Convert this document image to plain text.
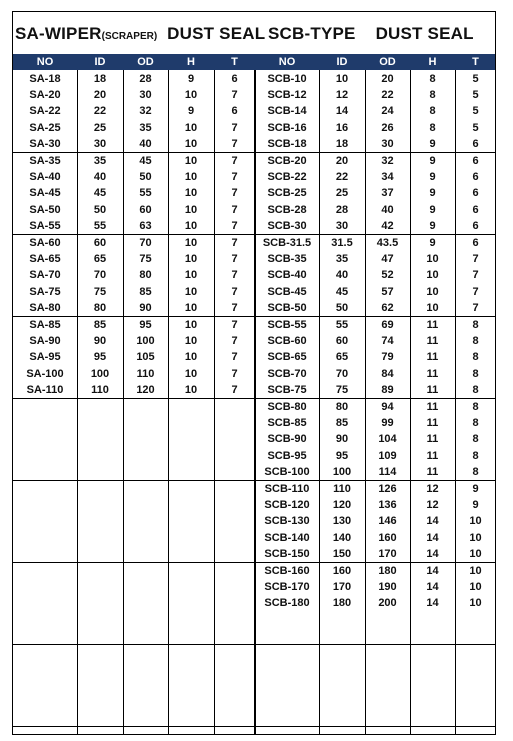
SA-WIPER(SCRAPER) DUST SEAL SCB-TYPE DUST SEAL
NO	ID	OD	H	T	NO	ID	OD	H	T
SA-18	18	28	9	6
SA-20	20	30	10	7
SA-22	22	32	9	6
SA-25	25	35	10	7
SA-30	30	40	10	7
SA-35	35	45	10	7
SA-40	40	50	10	7
SA-45	45	55	10	7
SA-50	50	60	10	7
SA-55	55	63	10	7
SA-60	60	70	10	7
SA-65	65	75	10	7
SA-70	70	80	10	7
SA-75	75	85	10	7
SA-80	80	90	10	7
SA-85	85	95	10	7
SA-90	90	100	10	7
SA-95	95	105	10	7
SA-100	100	110	10	7
SA-110	110	120	10	7
SCB-10	10	20	8	5
SCB-12	12	22	8	5
SCB-14	14	24	8	5
SCB-16	16	26	8	5
SCB-18	18	30	9	6
SCB-20	20	32	9	6
SCB-22	22	34	9	6
SCB-25	25	37	9	6
SCB-28	28	40	9	6
SCB-30	30	42	9	6
SCB-31.5	31.5	43.5	9	6
SCB-35	35	47	10	7
SCB-40	40	52	10	7
SCB-45	45	57	10	7
SCB-50	50	62	10	7
SCB-55	55	69	11	8
SCB-60	60	74	11	8
SCB-65	65	79	11	8
SCB-70	70	84	11	8
SCB-75	75	89	11	8
SCB-80	80	94	11	8
SCB-85	85	99	11	8
SCB-90	90	104	11	8
SCB-95	95	109	11	8
SCB-100	100	114	11	8
SCB-110	110	126	12	9
SCB-120	120	136	12	9
SCB-130	130	146	14	10
SCB-140	140	160	14	10
SCB-150	150	170	14	10
SCB-160	160	180	14	10
SCB-170	170	190	14	10
SCB-180	180	200	14	10
